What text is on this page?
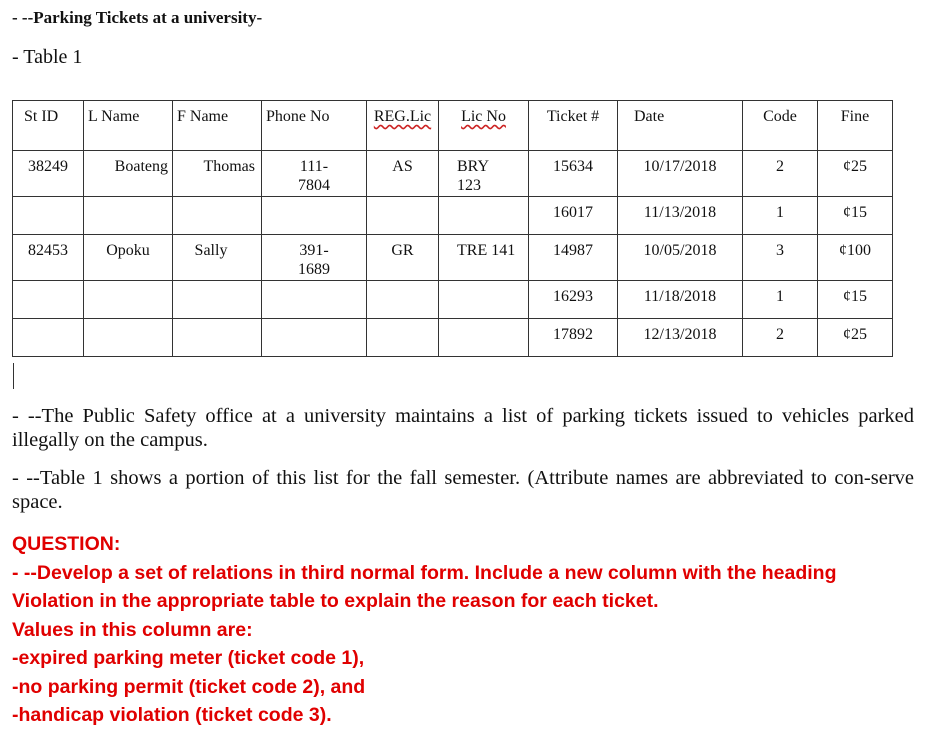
- --Parking Tickets at a university-
- Table 1
St ID	L Name	F Name	Phone No	REG.Lic	Lic No	Ticket #	Date	Code	Fine

38249	Boateng	Thomas	111-7804	AS	BRY 123	15634	10/17/2018	2	¢25

						16017	11/13/2018	1	¢15

82453	Opoku	Sally	391-1689	GR	TRE 141	14987	10/05/2018	3	¢100

						16293	11/18/2018	1	¢15

						17892	12/13/2018	2	¢25
- --The Public Safety office at a university maintains a list of parking tickets issued to vehicles parked illegally on the campus.
- --Table 1 shows a portion of this list for the fall semester. (Attribute names are abbreviated to con-serve space.
QUESTION:
- --Develop a set of relations in third normal form. Include a new column with the heading
Violation in the appropriate table to explain the reason for each ticket.
Values in this column are:
-expired parking meter (ticket code 1),
-no parking permit (ticket code 2), and
-handicap violation (ticket code 3).
